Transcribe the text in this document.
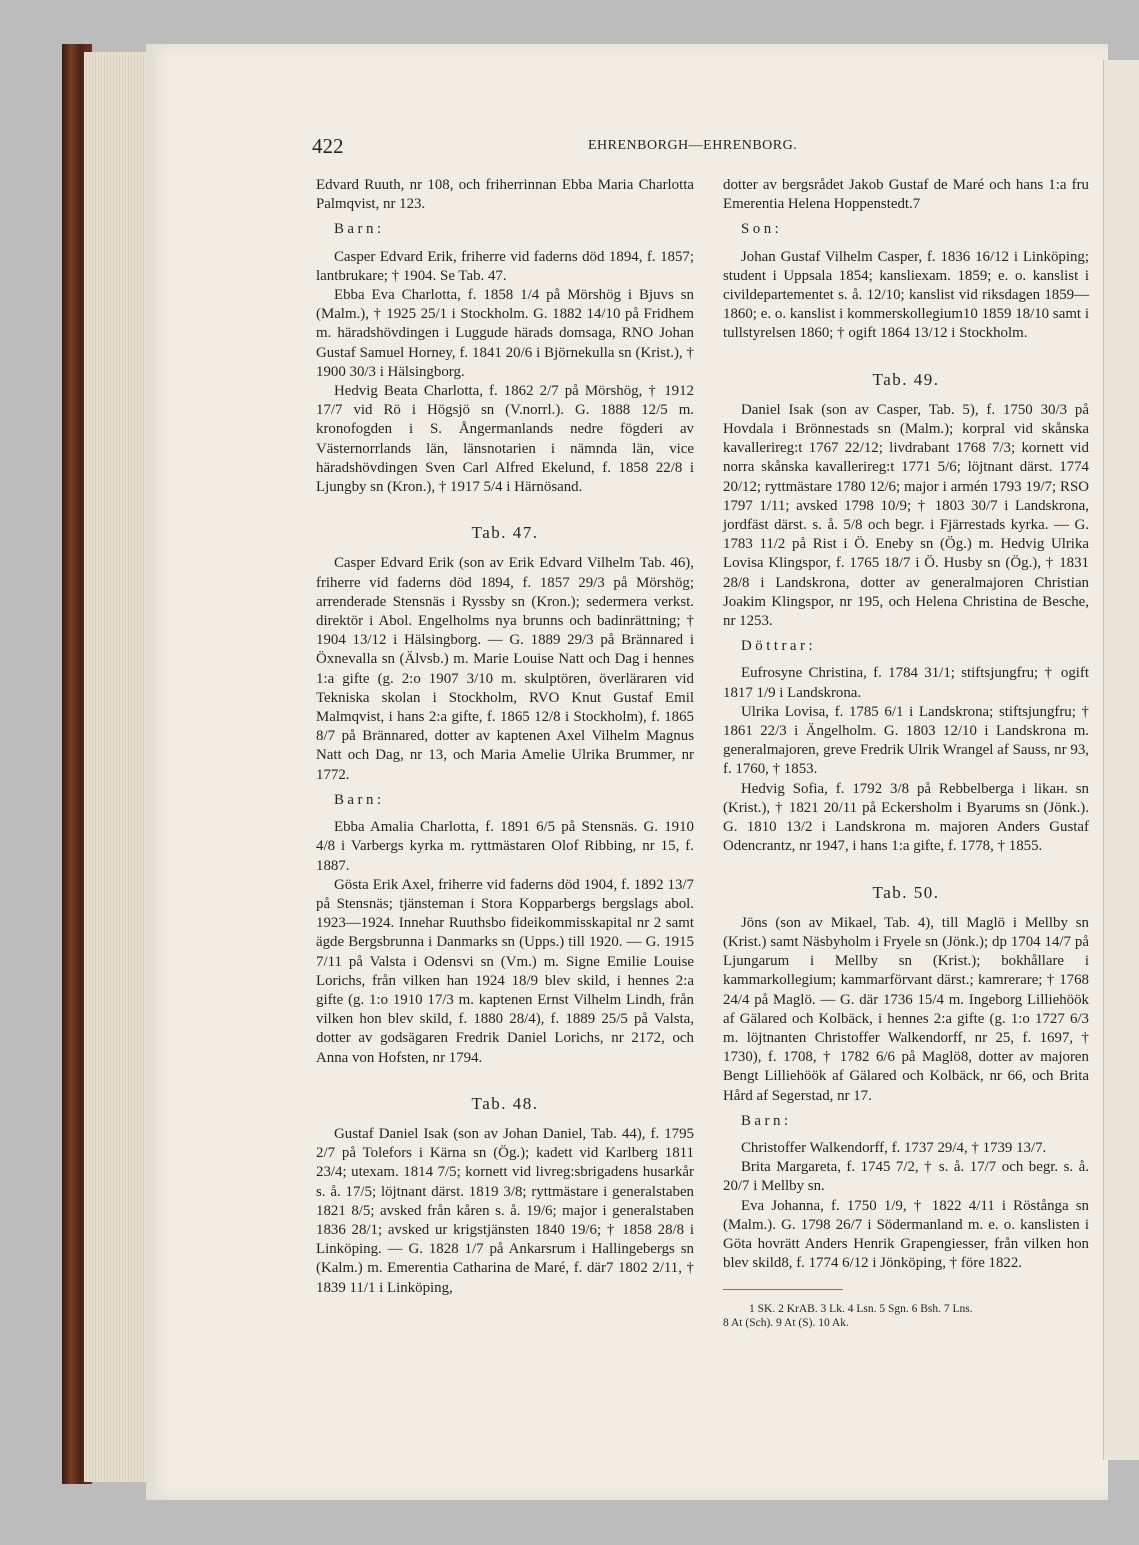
422	EHRENBORGH—EHRENBORG.

Edvard Ruuth, nr 108, och friherrinnan Ebba Maria Charlotta Palmqvist, nr 123.

Barn:

Casper Edvard Erik, friherre vid faderns död 1894, f. 1857; lantbrukare; † 1904. Se Tab. 47.

Ebba Eva Charlotta, f. 1858 1/4 på Mörshög i Bjuvs sn (Malm.), † 1925 25/1 i Stockholm. G. 1882 14/10 på Fridhem m. häradshövdingen i Luggude härads domsaga, RNO Johan Gustaf Samuel Horney, f. 1841 20/6 i Björnekulla sn (Krist.), † 1900 30/3 i Hälsingborg.

Hedvig Beata Charlotta, f. 1862 2/7 på Mörshög, † 1912 17/7 vid Rö i Högsjö sn (V.norrl.). G. 1888 12/5 m. kronofogden i S. Ångermanlands nedre fögderi av Västernorrlands län, länsnotarien i nämnda län, vice häradshövdingen Sven Carl Alfred Ekelund, f. 1858 22/8 i Ljungby sn (Kron.), † 1917 5/4 i Härnösand.

Tab. 47.

Casper Edvard Erik (son av Erik Edvard Vilhelm Tab. 46), friherre vid faderns död 1894, f. 1857 29/3 på Mörshög; arrenderade Stensnäs i Ryssby sn (Kron.); sedermera verkst. direktör i Abol. Engelholms nya brunns och badinrättning; † 1904 13/12 i Hälsingborg. — G. 1889 29/3 på Brännared i Öxnevalla sn (Älvsb.) m. Marie Louise Natt och Dag i hennes 1:a gifte (g. 2:o 1907 3/10 m. skulptören, överläraren vid Tekniska skolan i Stockholm, RVO Knut Gustaf Emil Malmqvist, i hans 2:a gifte, f. 1865 12/8 i Stockholm), f. 1865 8/7 på Brännared, dotter av kaptenen Axel Vilhelm Magnus Natt och Dag, nr 13, och Maria Amelie Ulrika Brummer, nr 1772.

Barn:

Ebba Amalia Charlotta, f. 1891 6/5 på Stensnäs. G. 1910 4/8 i Varbergs kyrka m. ryttmästaren Olof Ribbing, nr 15, f. 1887.

Gösta Erik Axel, friherre vid faderns död 1904, f. 1892 13/7 på Stensnäs; tjänsteman i Stora Kopparbergs bergslags abol. 1923—1924. Innehar Ruuthsbo fideikommisskapital nr 2 samt ägde Bergsbrunna i Danmarks sn (Upps.) till 1920. — G. 1915 7/11 på Valsta i Odensvi sn (Vm.) m. Signe Emilie Louise Lorichs, från vilken han 1924 18/9 blev skild, i hennes 2:a gifte (g. 1:o 1910 17/3 m. kaptenen Ernst Vilhelm Lindh, från vilken hon blev skild, f. 1880 28/4), f. 1889 25/5 på Valsta, dotter av godsägaren Fredrik Daniel Lorichs, nr 2172, och Anna von Hofsten, nr 1794.

Tab. 48.

Gustaf Daniel Isak (son av Johan Daniel, Tab. 44), f. 1795 2/7 på Tolefors i Kärna sn (Ög.); kadett vid Karlberg 1811 23/4; utexam. 1814 7/5; kornett vid livreg:sbrigadens husarkår s. å. 17/5; löjtnant därst. 1819 3/8; ryttmästare i generalstaben 1821 8/5; avsked från kåren s. å. 19/6; major i generalstaben 1836 28/1; avsked ur krigstjänsten 1840 19/6; † 1858 28/8 i Linköping. — G. 1828 1/7 på Ankarsrum i Hallingebergs sn (Kalm.) m. Emerentia Catharina de Maré, f. där7 1802 2/11, † 1839 11/1 i Linköping,

dotter av bergsrådet Jakob Gustaf de Maré och hans 1:a fru Emerentia Helena Hoppenstedt.7

Son:

Johan Gustaf Vilhelm Casper, f. 1836 16/12 i Linköping; student i Uppsala 1854; kansliexam. 1859; e. o. kanslist i civildepartementet s. å. 12/10; kanslist vid riksdagen 1859—1860; e. o. kanslist i kommerskollegium10 1859 18/10 samt i tullstyrelsen 1860; † ogift 1864 13/12 i Stockholm.

Tab. 49.

Daniel Isak (son av Casper, Tab. 5), f. 1750 30/3 på Hovdala i Brönnestads sn (Malm.); korpral vid skånska kavallerireg:t 1767 22/12; livdrabant 1768 7/3; kornett vid norra skånska kavallerireg:t 1771 5/6; löjtnant därst. 1774 20/12; ryttmästare 1780 12/6; major i armén 1793 19/7; RSO 1797 1/11; avsked 1798 10/9; † 1803 30/7 i Landskrona, jordfäst därst. s. å. 5/8 och begr. i Fjärrestads kyrka. — G. 1783 11/2 på Rist i Ö. Eneby sn (Ög.) m. Hedvig Ulrika Lovisa Klingspor, f. 1765 18/7 i Ö. Husby sn (Ög.), † 1831 28/8 i Landskrona, dotter av generalmajoren Christian Joakim Klingspor, nr 195, och Helena Christina de Besche, nr 1253.

Döttrar:

Eufrosyne Christina, f. 1784 31/1; stiftsjungfru; † ogift 1817 1/9 i Landskrona.

Ulrika Lovisa, f. 1785 6/1 i Landskrona; stiftsjungfru; † 1861 22/3 i Ängelholm. G. 1803 12/10 i Landskrona m. generalmajoren, greve Fredrik Ulrik Wrangel af Sauss, nr 93, f. 1760, † 1853.

Hedvig Sofia, f. 1792 3/8 på Rebbelberga i likaн. sn (Krist.), † 1821 20/11 på Eckersholm i Byarums sn (Jönk.). G. 1810 13/2 i Landskrona m. majoren Anders Gustaf Odencrantz, nr 1947, i hans 1:a gifte, f. 1778, † 1855.

Tab. 50.

Jöns (son av Mikael, Tab. 4), till Maglö i Mellby sn (Krist.) samt Näsbyholm i Fryele sn (Jönk.); dp 1704 14/7 på Ljungarum i Mellby sn (Krist.); bokhållare i kammarkollegium; kammarförvant därst.; kamrerare; † 1768 24/4 på Maglö. — G. där 1736 15/4 m. Ingeborg Lilliehöök af Gälared och Kolbäck, i hennes 2:a gifte (g. 1:o 1727 6/3 m. löjtnanten Christoffer Walkendorff, nr 25, f. 1697, † 1730), f. 1708, † 1782 6/6 på Maglö8, dotter av majoren Bengt Lilliehöök af Gälared och Kolbäck, nr 66, och Brita Hård af Segerstad, nr 17.

Barn:

Christoffer Walkendorff, f. 1737 29/4, † 1739 13/7.

Brita Margareta, f. 1745 7/2, † s. å. 17/7 och begr. s. å. 20/7 i Mellby sn.

Eva Johanna, f. 1750 1/9, † 1822 4/11 i Röstånga sn (Malm.). G. 1798 26/7 i Södermanland m. e. o. kanslisten i Göta hovrätt Anders Henrik Grapengiesser, från vilken hon blev skild8, f. 1774 6/12 i Jönköping, † före 1822.

1 SK. 2 KrAB. 3 Lk. 4 Lsn. 5 Sgn. 6 Bsh. 7 Lns.
8 At (Sch). 9 At (S). 10 Ak.
